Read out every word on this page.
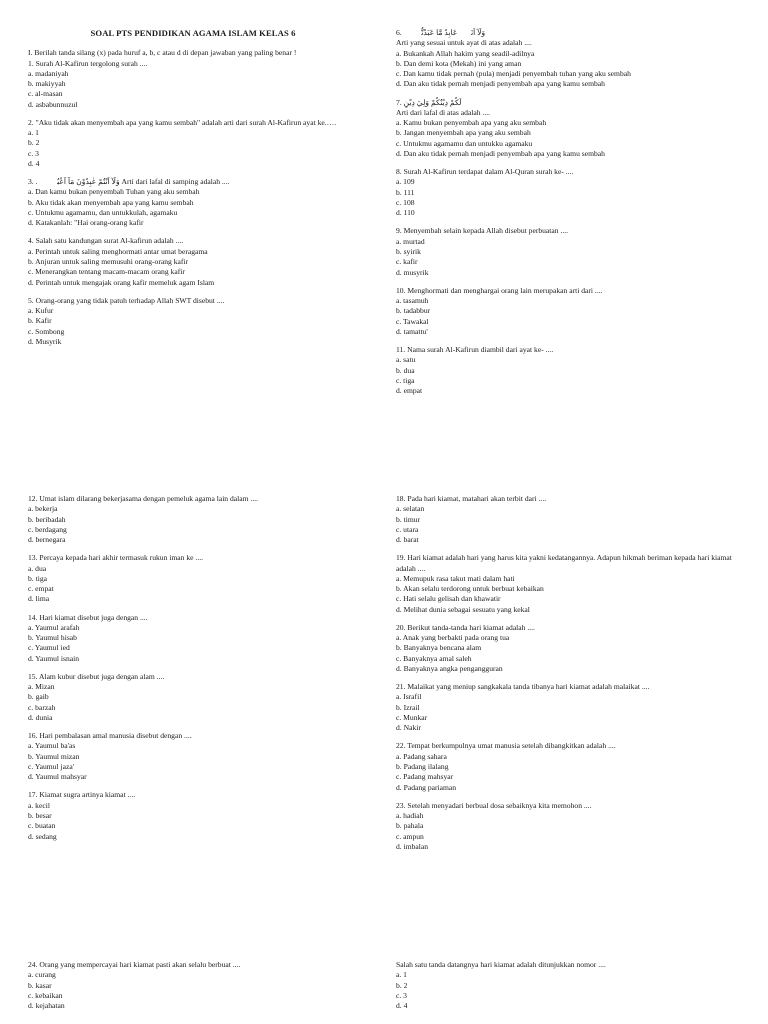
SOAL PTS PENDIDIKAN AGAMA ISLAM KELAS 6
I. Berilah tanda silang (x) pada huruf a, b, c atau d di depan jawaban yang paling benar !
1. Surah Al-Kafirun tergolong surah ....
a. madaniyah
b. makiyyah
c. al-masan
d. asbabunnuzul
2. "Aku tidak akan menyembah apa yang kamu sembah" adalah arti dari surah Al-Kafirun ayat ke.….
a. 1
b. 2
c. 3
d. 4
3. . وَلَآ اَنْتُمْ عٰبِدُوْنَ مَآ اَعْبُدُۚ Arti dari lafal di samping adalah ....
a. Dan kamu bukan penyembah Tuhan yang aku sembah
b. Aku tidak akan menyembah apa yang kamu sembah
c. Untukmu agamamu, dan untukkulah, agamaku
d. Katakanlah: "Hai orang-orang kafir
4. Salah satu kandungan surat Al-kafirun adalah ....
a. Perintah untuk saling menghormati antar umat beragama
b. Anjuran untuk saling memusuhi orang-orang kafir
c. Menerangkan tentang macam-macam orang kafir
d. Perintah untuk mengajak orang kafir memeluk agam Islam
5. Orang-orang yang tidak patuh terhadap Allah SWT disebut ....
a. Kufur
b. Kafir
c. Sombong
d. Musyrik
6. وَلَآ اَنَا۠ عَابِدٌ مَّا عَبَدْتُّمْۙ
Arti yang sesuai untuk ayat di atas adalah ....
a. Bukankah Allah hakim yang seadil-adilnya
b. Dan demi kota (Mekah) ini yang aman
c. Dan kamu tidak pernah (pula) menjadi penyembah tuhan yang aku sembah
d. Dan aku tidak pernah menjadi penyembah apa yang kamu sembah
7. لَكُمْ دِيْنُكُمْ وَلِيَ دِيْنِ
Arti dari lafal di atas adalah ....
a. Kamu bukan penyembah apa yang aku sembah
b. Jangan menyembah apa yang aku sembah
c. Untukmu agamamu dan untukku agamaku
d. Dan aku tidak pernah menjadi penyembah apa yang kamu sembah
8. Surah Al-Kafirun terdapat dalam Al-Quran surah ke- ....
a. 109
b. 111
c. 108
d. 110
9. Menyembah selain kepada Allah disebut perbuatan ....
a. murtad
b. syirik
c. kafir
d. musyrik
10. Menghormati dan menghargai orang lain merupakan arti dari ....
a. tasamuh
b. tadabbur
c. Tawakal
d. tamattu'
11. Nama surah Al-Kafirun diambil dari ayat ke- ....
a. satu
b. dua
c. tiga
d. empat
12. Umat islam dilarang bekerjasama dengan pemeluk agama lain dalam ....
a. bekerja
b. beribadah
c. berdagang
d. bernegara
13. Percaya kepada hari akhir termasuk rukun iman ke ....
a. dua
b. tiga
c. empat
d. lima
14. Hari kiamat disebut juga dengan ....
a. Yaumul arafah
b. Yaumul hisab
c. Yaumul ied
d. Yaumul isnain
15. Alam kubur disebut juga dengan alam ....
a. Mizan
b. gaib
c. barzah
d. dunia
16. Hari pembalasan amal manusia disebut dengan ....
a. Yaumul ba'as
b. Yaumul mizan
c. Yaumul jaza'
d. Yaumul mahsyar
17. Kiamat sugra artinya kiamat ....
a. kecil
b. besar
c. buatan
d. sedang
18. Pada hari kiamat, matahari akan terbit dari ....
a. selatan
b. timur
c. utara
d. barat
19. Hari kiamat adalah hari yang harus kita yakni kedatangannya. Adapun hikmah beriman kepada hari kiamat adalah ....
a. Memupuk rasa takut mati dalam hati
b. Akan selalu terdorong untuk berbuat kebaikan
c. Hati selalu gelisah dan khawatir
d. Melihat dunia sebagai sesuatu yang kekal
20. Berikut tanda-tanda hari kiamat adalah ....
a. Anak yang berbakti pada orang tua
b. Banyaknya bencana alam
c. Banyaknya amal saleh
d. Banyaknya angka pengangguran
21. Malaikat yang meniup sangkakala tanda tibanya hari kiamat adalah malaikat ....
a. Israfil
b. Izrail
c. Munkar
d. Nakir
22. Tempat berkumpulnya umat manusia setelah dibangkitkan adalah ....
a. Padang sahara
b. Padang ilalang
c. Padang mahsyar
d. Padang pariaman
23. Setelah menyadari berbual dosa sebaiknya kita memohon ....
a. hadiah
b. pahala
c. ampun
d. imbalan
24. Orang yang mempercayai hari kiamat pasti akan selalu berbuat ....
a. curang
b. kasar
c. kebaikan
d. kejahatan
Salah satu tanda datangnya hari kiamat adalah ditunjukkan nomor ....
a. 1
b. 2
c. 3
d. 4
